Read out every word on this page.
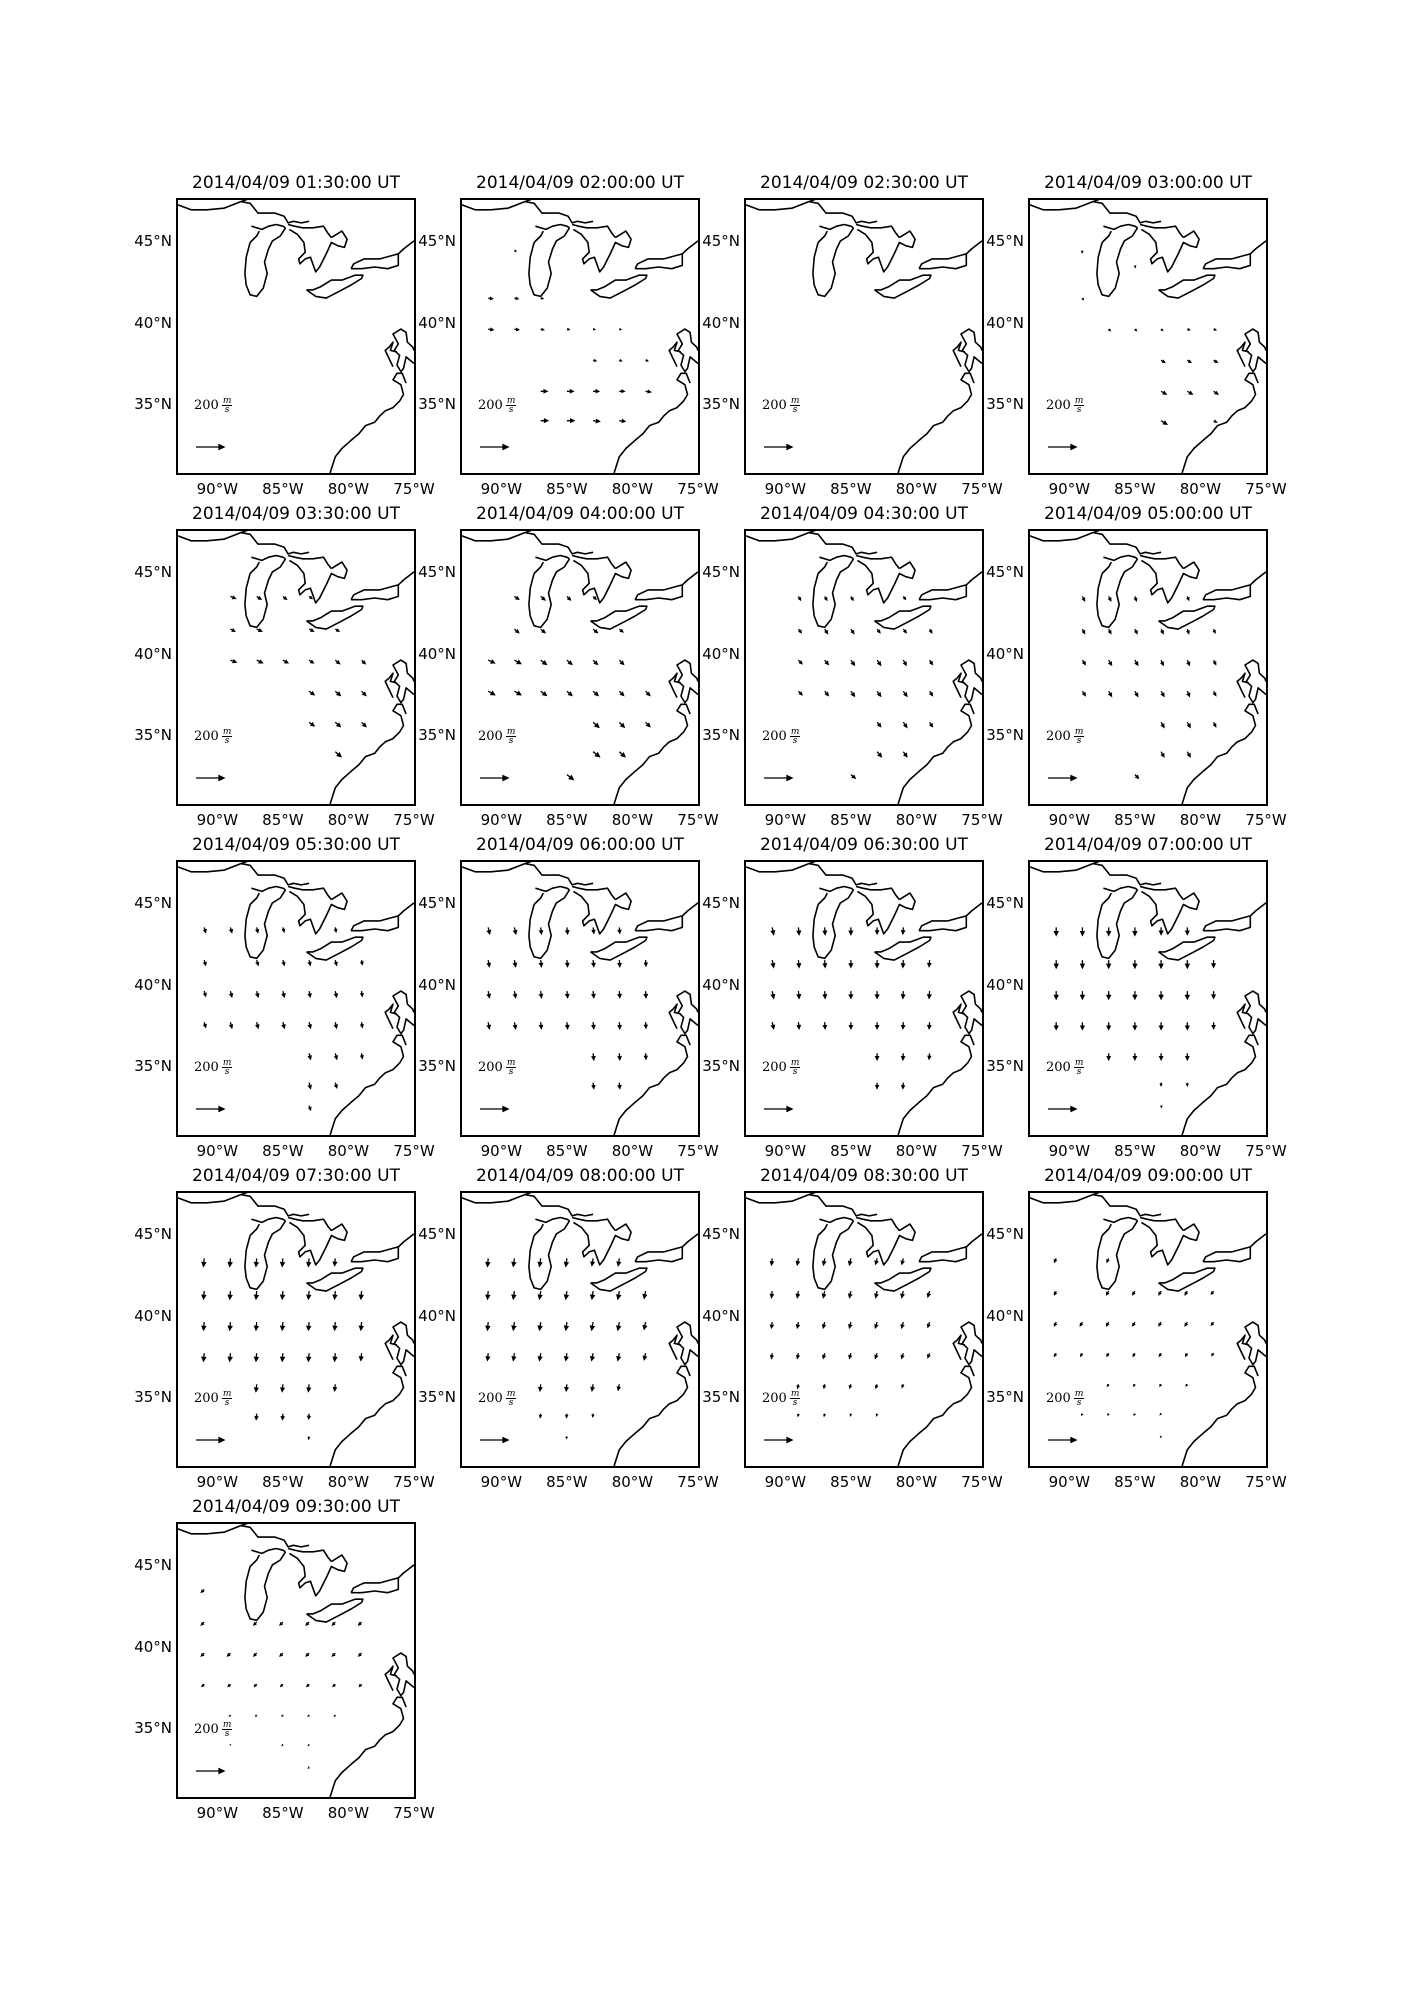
2014/04/09 01:30:00 UT
45°N
40°N
35°N
90°W	85°W	80°W	75°W
$200 \frac{m}{s}$
2014/04/09 02:00:00 UT
45°N
40°N
35°N
90°W	85°W	80°W	75°W
$200 \frac{m}{s}$
2014/04/09 02:30:00 UT
45°N
40°N
35°N
90°W	85°W	80°W	75°W
$200 \frac{m}{s}$
2014/04/09 03:00:00 UT
45°N
40°N
35°N
90°W	85°W	80°W	75°W
$200 \frac{m}{s}$
2014/04/09 03:30:00 UT
45°N
40°N
35°N
90°W	85°W	80°W	75°W
$200 \frac{m}{s}$
2014/04/09 04:00:00 UT
45°N
40°N
35°N
90°W	85°W	80°W	75°W
$200 \frac{m}{s}$
2014/04/09 04:30:00 UT
45°N
40°N
35°N
90°W	85°W	80°W	75°W
$200 \frac{m}{s}$
2014/04/09 05:00:00 UT
45°N
40°N
35°N
90°W	85°W	80°W	75°W
$200 \frac{m}{s}$
2014/04/09 05:30:00 UT
45°N
40°N
35°N
90°W	85°W	80°W	75°W
$200 \frac{m}{s}$
2014/04/09 06:00:00 UT
45°N
40°N
35°N
90°W	85°W	80°W	75°W
$200 \frac{m}{s}$
2014/04/09 06:30:00 UT
45°N
40°N
35°N
90°W	85°W	80°W	75°W
$200 \frac{m}{s}$
2014/04/09 07:00:00 UT
45°N
40°N
35°N
90°W	85°W	80°W	75°W
$200 \frac{m}{s}$
2014/04/09 07:30:00 UT
45°N
40°N
35°N
90°W	85°W	80°W	75°W
$200 \frac{m}{s}$
2014/04/09 08:00:00 UT
45°N
40°N
35°N
90°W	85°W	80°W	75°W
$200 \frac{m}{s}$
2014/04/09 08:30:00 UT
45°N
40°N
35°N
90°W	85°W	80°W	75°W
$200 \frac{m}{s}$
2014/04/09 09:00:00 UT
45°N
40°N
35°N
90°W	85°W	80°W	75°W
$200 \frac{m}{s}$
2014/04/09 09:30:00 UT
45°N
40°N
35°N
90°W	85°W	80°W	75°W
$200 \frac{m}{s}$
